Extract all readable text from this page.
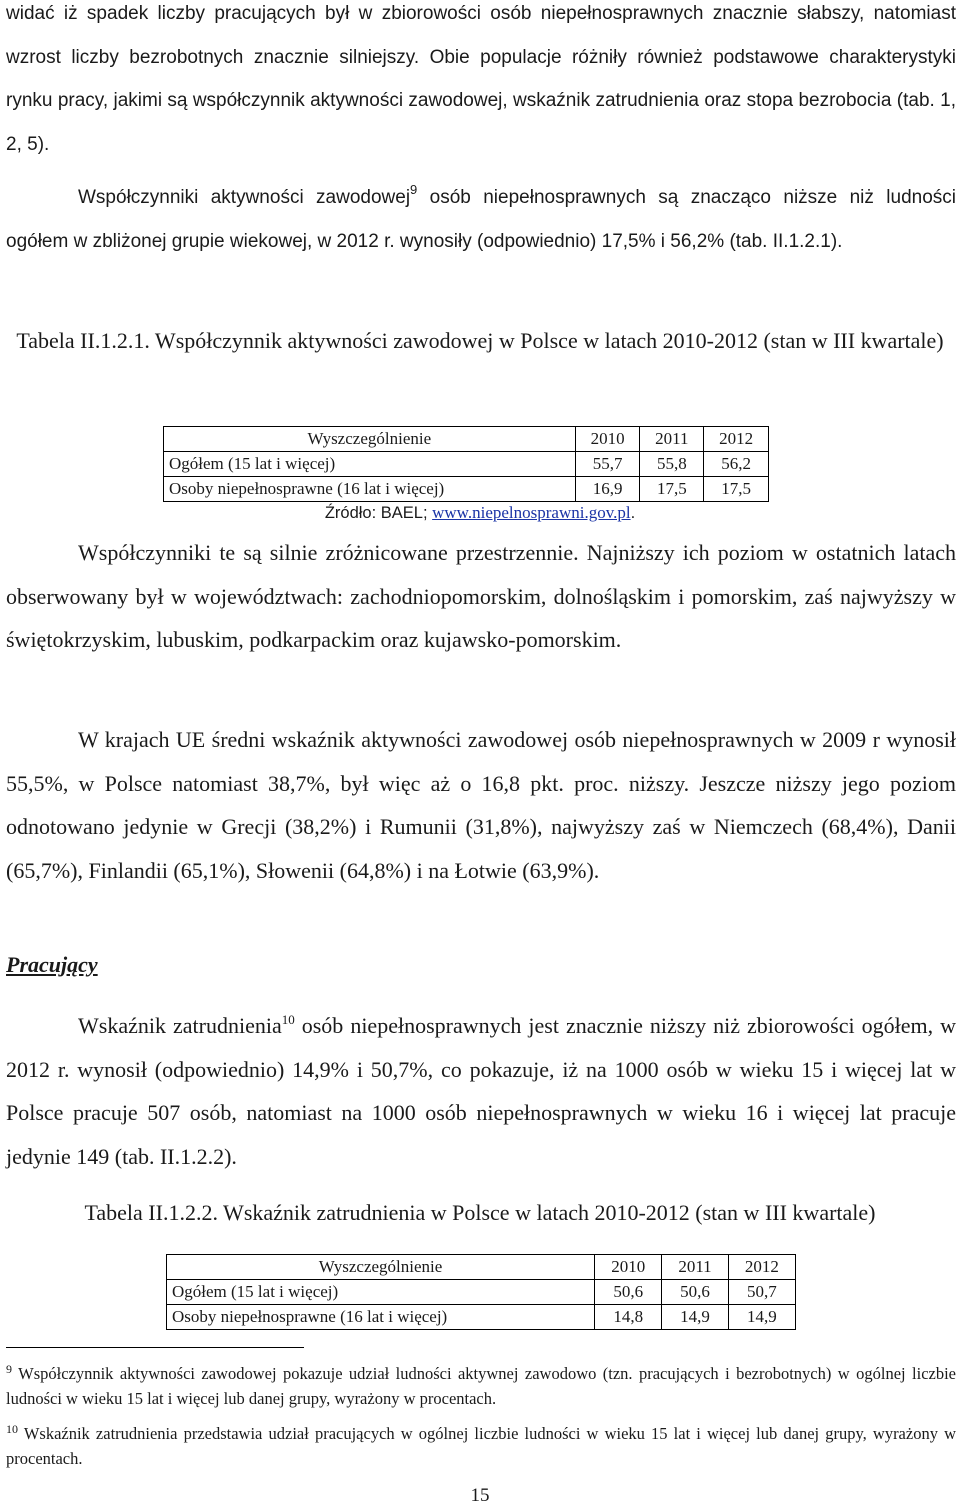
widać iż spadek liczby pracujących był w zbiorowości osób niepełnosprawnych znacznie słabszy, natomiast wzrost liczby bezrobotnych znacznie silniejszy. Obie populacje różniły również podstawowe charakterystyki rynku pracy, jakimi są współczynnik aktywności zawodowej, wskaźnik zatrudnienia oraz stopa bezrobocia (tab. 1, 2, 5).

Współczynniki aktywności zawodowej$^9$ osób niepełnosprawnych są znacząco niższe niż ludności ogółem w zbliżonej grupie wiekowej, w 2012 r. wynosiły (odpowiednio) 17,5% i 56,2% (tab. II.1.2.1).

Tabela II.1.2.1. Współczynnik aktywności zawodowej w Polsce w latach 2010-2012 (stan w III kwartale)

Wyszczególnienie	2010	2011	2012
Ogółem (15 lat i więcej)	55,7	55,8	56,2
Osoby niepełnosprawne (16 lat i więcej)	16,9	17,5	17,5
Źródło: BAEL; www.niepelnosprawni.gov.pl.

Współczynniki te są silnie zróżnicowane przestrzennie. Najniższy ich poziom w ostatnich latach obserwowany był w województwach: zachodniopomorskim, dolnośląskim i pomorskim, zaś najwyższy w świętokrzyskim, lubuskim, podkarpackim oraz kujawsko-pomorskim.

W krajach UE średni wskaźnik aktywności zawodowej osób niepełnosprawnych w 2009 r wynosił 55,5%, w Polsce natomiast 38,7%, był więc aż o 16,8 pkt. proc. niższy. Jeszcze niższy jego poziom odnotowano jedynie w Grecji (38,2%) i Rumunii (31,8%), najwyższy zaś w Niemczech (68,4%), Danii (65,7%), Finlandii (65,1%), Słowenii (64,8%) i na Łotwie (63,9%).

Pracujący

Wskaźnik zatrudnienia$^{10}$ osób niepełnosprawnych jest znacznie niższy niż zbiorowości ogółem, w 2012 r. wynosił (odpowiednio) 14,9% i 50,7%, co pokazuje, iż na 1000 osób w wieku 15 i więcej lat w Polsce pracuje 507 osób, natomiast na 1000 osób niepełnosprawnych w wieku 16 i więcej lat pracuje jedynie 149 (tab. II.1.2.2).

Tabela II.1.2.2. Wskaźnik zatrudnienia w Polsce w latach 2010-2012 (stan w III kwartale)

Wyszczególnienie	2010	2011	2012
Ogółem (15 lat i więcej)	50,6	50,6	50,7
Osoby niepełnosprawne (16 lat i więcej)	14,8	14,9	14,9

$^9$ Współczynnik aktywności zawodowej pokazuje udział ludności aktywnej zawodowo (tzn. pracujących i bezrobotnych) w ogólnej liczbie ludności w wieku 15 lat i więcej lub danej grupy, wyrażony w procentach.

$^{10}$ Wskaźnik zatrudnienia przedstawia udział pracujących w ogólnej liczbie ludności w wieku 15 lat i więcej lub danej grupy, wyrażony w procentach.

15
